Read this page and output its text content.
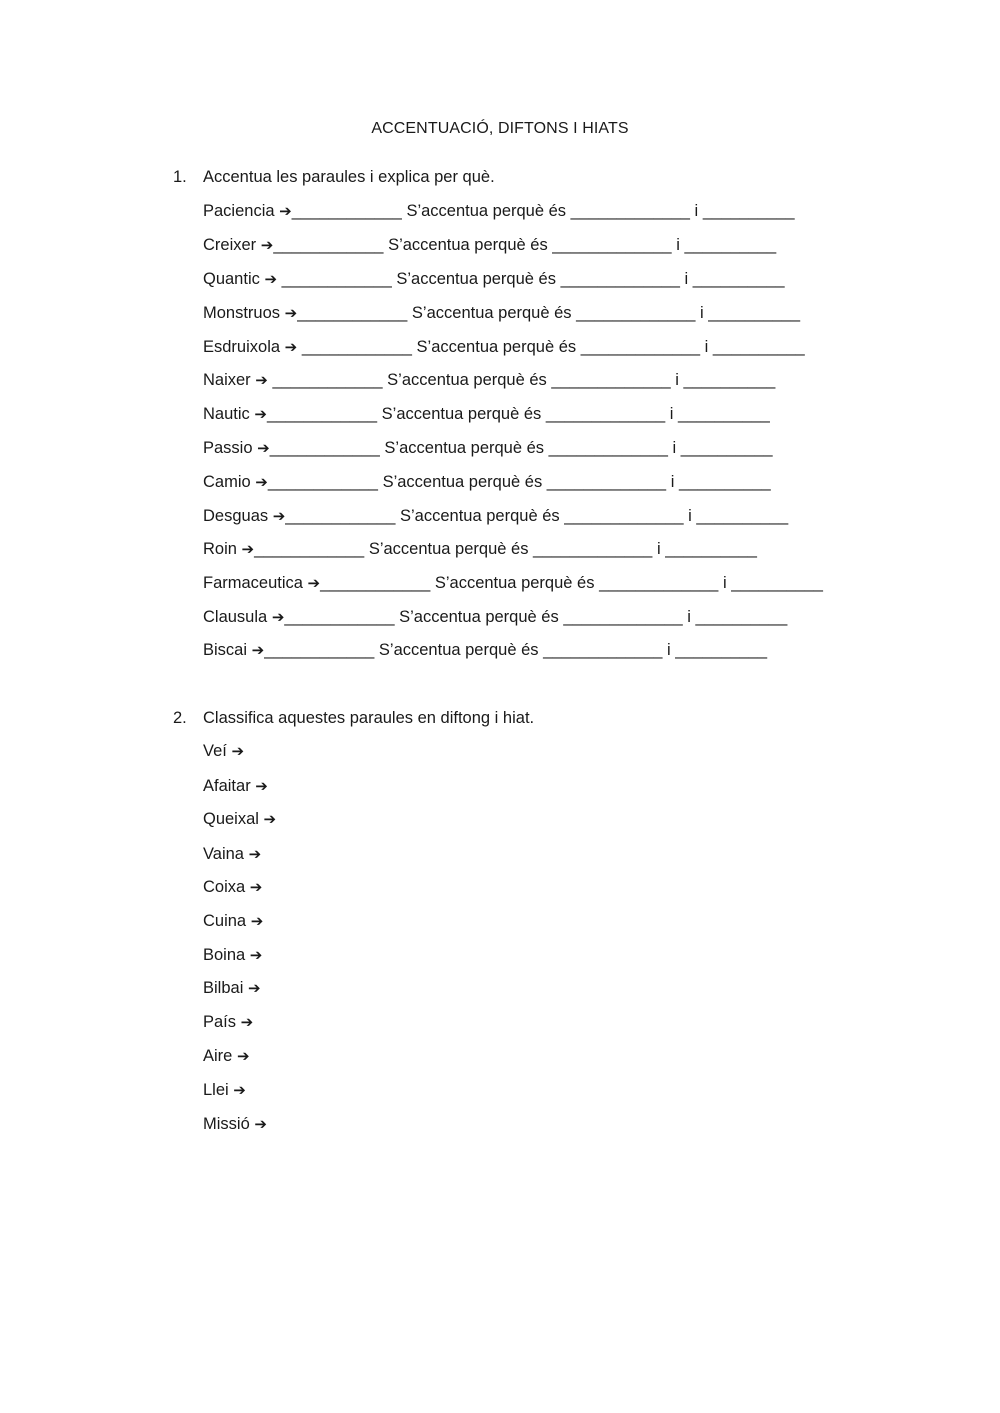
ACCENTUACIÓ, DIFTONS I HIATS
1. Accentua les paraules i explica per què.
Paciencia ➔____________ S’accentua perquè és _____________ i __________
Creixer ➔____________ S’accentua perquè és _____________ i __________
Quantic ➔ ____________ S’accentua perquè és _____________ i __________
Monstruos ➔____________ S’accentua perquè és _____________ i __________
Esdruixola ➔ ____________ S’accentua perquè és _____________ i __________
Naixer ➔ ____________ S’accentua perquè és _____________ i __________
Nautic ➔____________ S’accentua perquè és _____________ i __________
Passio ➔____________ S’accentua perquè és _____________ i __________
Camio ➔____________ S’accentua perquè és _____________ i __________
Desguas ➔____________ S’accentua perquè és _____________ i __________
Roin ➔____________ S’accentua perquè és _____________ i __________
Farmaceutica ➔____________ S’accentua perquè és _____________ i __________
Clausula ➔____________ S’accentua perquè és _____________ i __________
Biscai ➔____________ S’accentua perquè és _____________ i __________
2. Classifica aquestes paraules en diftong i hiat.
Veí ➔
Afaitar ➔
Queixal ➔
Vaina ➔
Coixa ➔
Cuina ➔
Boina ➔
Bilbai ➔
País ➔
Aire ➔
Llei ➔
Missió ➔
